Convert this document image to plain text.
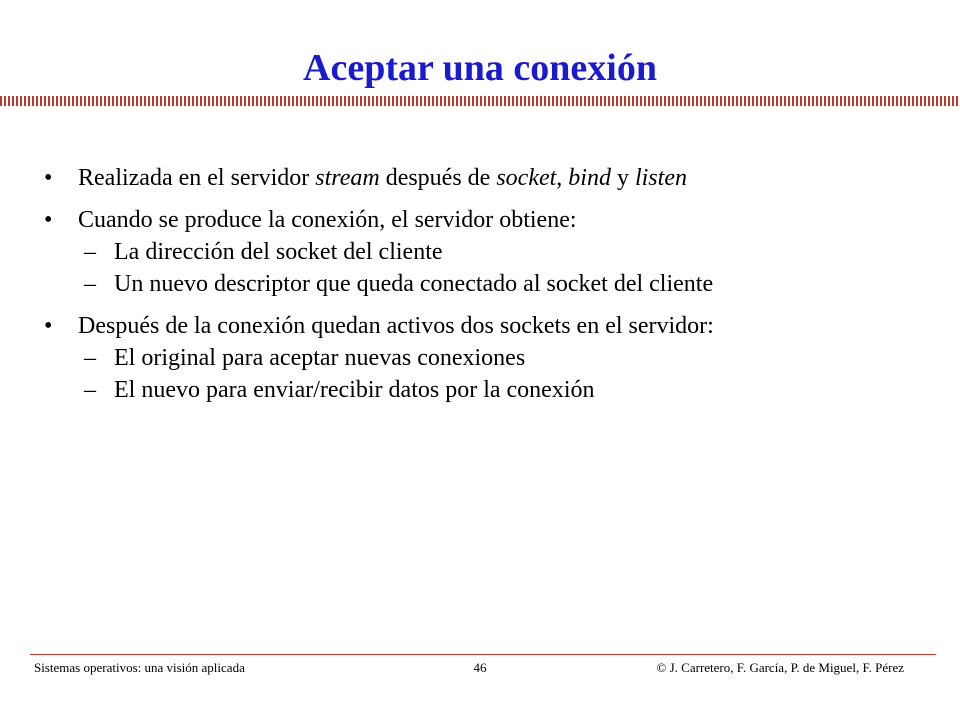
Aceptar una conexión
• Realizada en el servidor stream después de socket, bind y listen
• Cuando se produce la conexión, el servidor obtiene:
– La dirección del socket del cliente
– Un nuevo descriptor que queda conectado al socket del cliente
• Después de la conexión quedan activos dos sockets en el servidor:
– El original para aceptar nuevas conexiones
– El nuevo para enviar/recibir datos por la conexión
Sistemas operativos: una visión aplicada	46	© J. Carretero, F. García, P. de Miguel, F. Pérez
